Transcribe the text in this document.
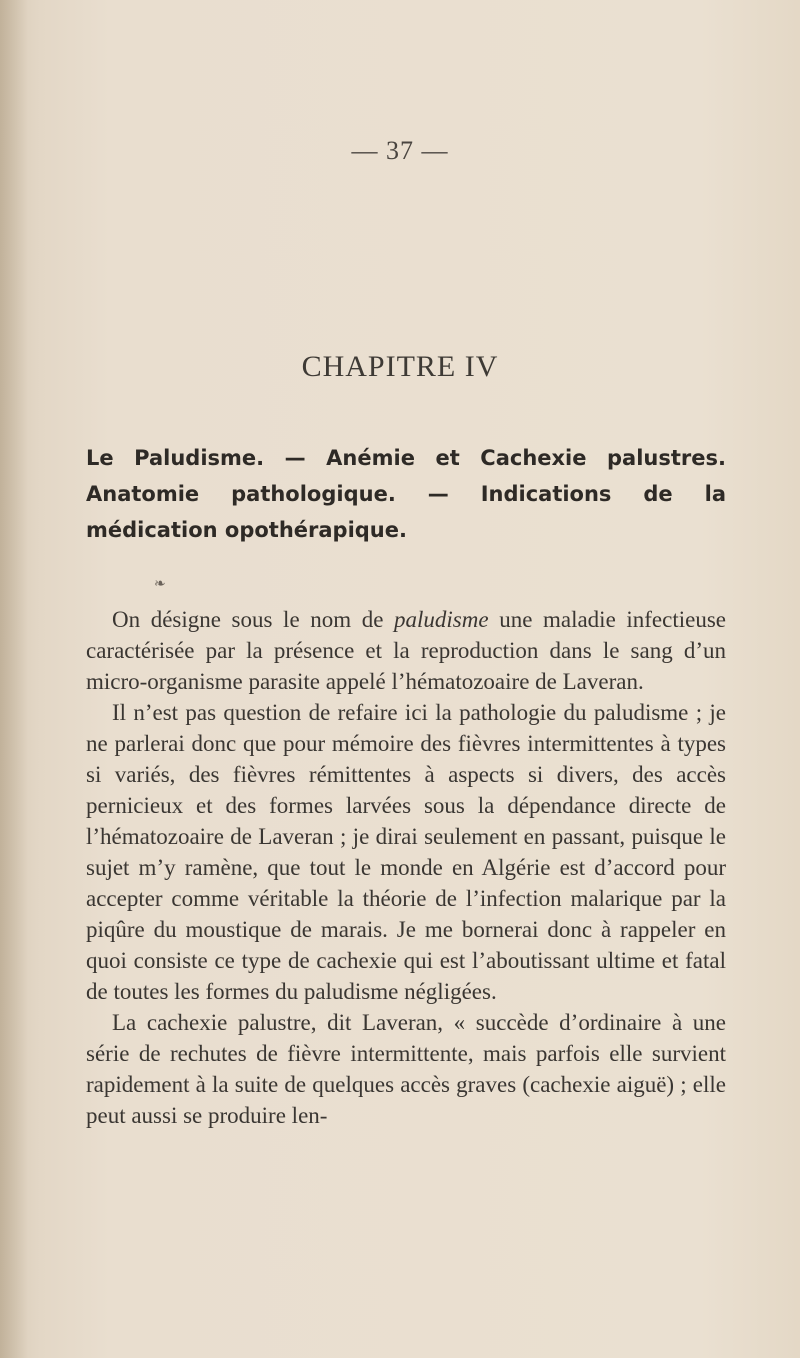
— 37 —
CHAPITRE IV
Le Paludisme. — Anémie et Cachexie palustres. Anatomie pathologique. — Indications de la médication opothérapique.
❧

On désigne sous le nom de paludisme une maladie infectieuse caractérisée par la présence et la reproduction dans le sang d’un micro-organisme parasite appelé l’hématozoaire de Laveran.

Il n’est pas question de refaire ici la pathologie du paludisme ; je ne parlerai donc que pour mémoire des fièvres intermittentes à types si variés, des fièvres rémittentes à aspects si divers, des accès pernicieux et des formes larvées sous la dépendance directe de l’hématozoaire de Laveran ; je dirai seulement en passant, puisque le sujet m’y ramène, que tout le monde en Algérie est d’accord pour accepter comme véritable la théorie de l’infection malarique par la piqûre du moustique de marais. Je me bornerai donc à rappeler en quoi consiste ce type de cachexie qui est l’aboutissant ultime et fatal de toutes les formes du paludisme négligées.

La cachexie palustre, dit Laveran, « succède d’ordinaire à une série de rechutes de fièvre intermittente, mais parfois elle survient rapidement à la suite de quelques accès graves (cachexie aiguë) ; elle peut aussi se produire len-
